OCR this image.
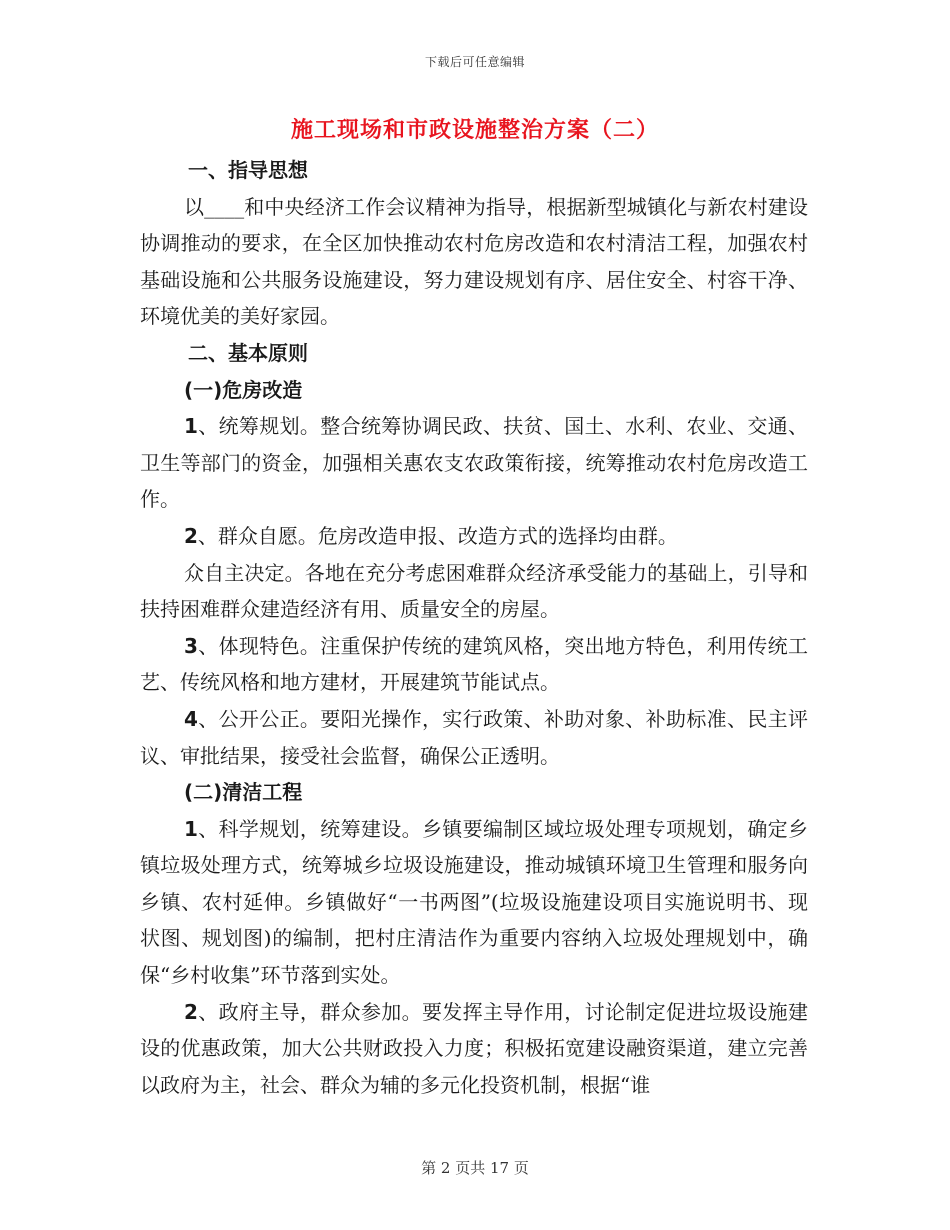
下载后可任意编辑
施工现场和市政设施整治方案（二）

一、指导思想

以____和中央经济工作会议精神为指导，根据新型城镇化与新农村建设协调推动的要求，在全区加快推动农村危房改造和农村清洁工程，加强农村基础设施和公共服务设施建设，努力建设规划有序、居住安全、村容干净、环境优美的美好家园。

二、基本原则

(一)危房改造

1、统筹规划。整合统筹协调民政、扶贫、国土、水利、农业、交通、卫生等部门的资金，加强相关惠农支农政策衔接，统筹推动农村危房改造工作。

2、群众自愿。危房改造申报、改造方式的选择均由群。

众自主决定。各地在充分考虑困难群众经济承受能力的基础上，引导和扶持困难群众建造经济有用、质量安全的房屋。

3、体现特色。注重保护传统的建筑风格，突出地方特色，利用传统工艺、传统风格和地方建材，开展建筑节能试点。

4、公开公正。要阳光操作，实行政策、补助对象、补助标准、民主评议、审批结果，接受社会监督，确保公正透明。

(二)清洁工程

1、科学规划，统筹建设。乡镇要编制区域垃圾处理专项规划，确定乡镇垃圾处理方式，统筹城乡垃圾设施建设，推动城镇环境卫生管理和服务向乡镇、农村延伸。乡镇做好“一书两图”(垃圾设施建设项目实施说明书、现状图、规划图)的编制，把村庄清洁作为重要内容纳入垃圾处理规划中，确保“乡村收集”环节落到实处。

2、政府主导，群众参加。要发挥主导作用，讨论制定促进垃圾设施建设的优惠政策，加大公共财政投入力度；积极拓宽建设融资渠道，建立完善以政府为主，社会、群众为辅的多元化投资机制，根据“谁

第 2 页共 17 页
